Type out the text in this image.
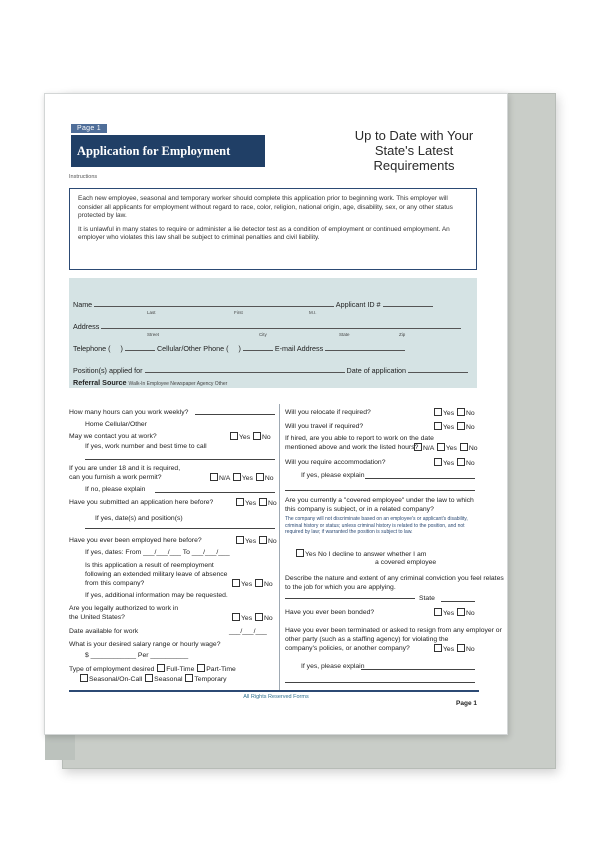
Page 1
Application for Employment
Instructions
Up to Date with Your State's Latest Requirements

Each new employee, seasonal and temporary worker should complete this application prior to beginning work. This employer will consider all applicants for employment without regard to race, color, religion, national origin, age, disability, sex, or any other status protected by law.

It is unlawful in many states to require or administer a lie detector test as a condition of employment or continued employment. An employer who violates this law shall be subject to criminal penalties and civil liability.

Name	Applicant ID #
Last	First	M.I.
Address
Street	City	State	Zip
Telephone (     )	Cellular/Other Phone (     )	E-mail Address
Position(s) applied for	Date of application
Referral Source Walk-In Employee Newspaper Agency Other
How many hours can you work weekly?
Home Cellular/Other
May we contact you at work?	Yes No
If yes, work number and best time to call
If you are under 18 and it is required,
can you furnish a work permit?	N/A Yes No
If no, please explain
Have you submitted an application here before?	Yes No
If yes, date(s) and position(s)
Have you ever been employed here before?	Yes No
If yes, dates: From ___/___/___ To ___/___/___
Is this application a result of reemployment
following an extended military leave of absence
from this company?	Yes No
If yes, additional information may be requested.
Are you legally authorized to work in
the United States?	Yes No
Date available for work	___/___/___
What is your desired salary range or hourly wage?
$ ____________ Per __________
Type of employment desired Full-Time Part-Time
Seasonal/On-Call Seasonal Temporary
Will you relocate if required?	Yes No
Will you travel if required?	Yes No
If hired, are you able to report to work on the date
mentioned above and work the listed hours? N/A Yes No
Will you require accommodation?	Yes No
If yes, please explain
Are you currently a "covered employee" under the law to which
this company is subject, or in a related company?
The company will not discriminate based on an employee's or applicant's disability, criminal history or status; unless criminal history is related to the position, and not required by law; if warranted the position is subject to law.
Yes No I decline to answer whether I am
a covered employee
Describe the nature and extent of any criminal conviction you feel relates
to the job for which you are applying.
State
Have you ever been bonded?	Yes No
Have you ever been terminated or asked to resign from any employer or
other party (such as a staffing agency) for violating the
company's policies, or another company?	Yes No
If yes, please explain
All Rights Reserved Forms
Page 1
